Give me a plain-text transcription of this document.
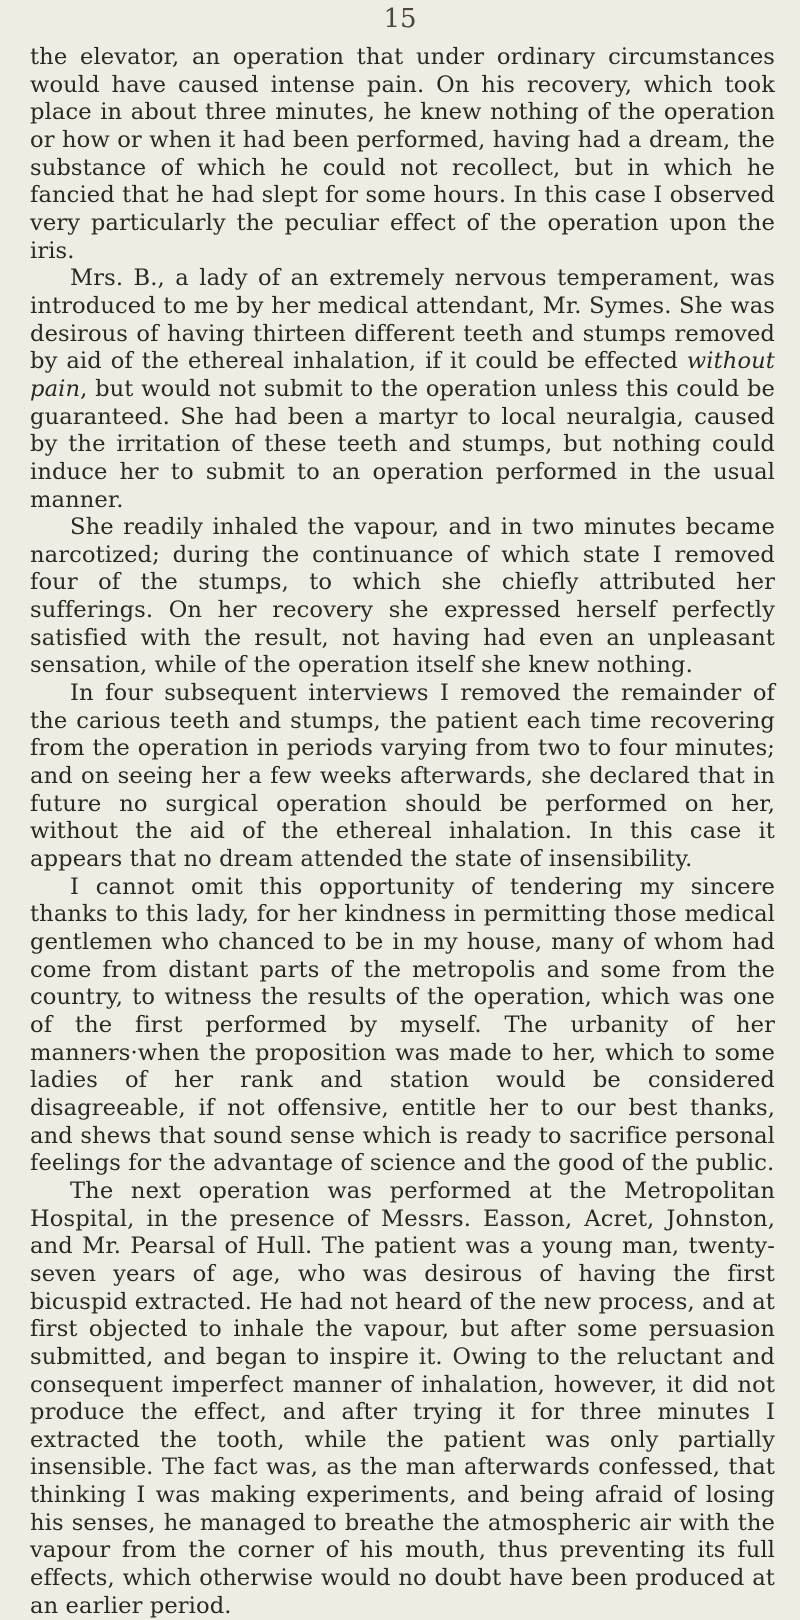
15

the elevator, an operation that under ordinary circumstances would have caused intense pain. On his recovery, which took place in about three minutes, he knew nothing of the operation or how or when it had been performed, having had a dream, the substance of which he could not recollect, but in which he fancied that he had slept for some hours. In this case I observed very particularly the peculiar effect of the operation upon the iris.

Mrs. B., a lady of an extremely nervous temperament, was introduced to me by her medical attendant, Mr. Symes. She was desirous of having thirteen different teeth and stumps removed by aid of the ethereal inhalation, if it could be effected without pain, but would not submit to the operation unless this could be guaranteed. She had been a martyr to local neuralgia, caused by the irritation of these teeth and stumps, but nothing could induce her to submit to an operation performed in the usual manner.

She readily inhaled the vapour, and in two minutes became narcotized; during the continuance of which state I removed four of the stumps, to which she chiefly attributed her sufferings. On her recovery she expressed herself perfectly satisfied with the result, not having had even an unpleasant sensation, while of the operation itself she knew nothing.

In four subsequent interviews I removed the remainder of the carious teeth and stumps, the patient each time recovering from the operation in periods varying from two to four minutes; and on seeing her a few weeks afterwards, she declared that in future no surgical operation should be performed on her, without the aid of the ethereal inhalation. In this case it appears that no dream attended the state of insensibility.

I cannot omit this opportunity of tendering my sincere thanks to this lady, for her kindness in permitting those medical gentlemen who chanced to be in my house, many of whom had come from distant parts of the metropolis and some from the country, to witness the results of the operation, which was one of the first performed by myself. The urbanity of her manners·when the proposition was made to her, which to some ladies of her rank and station would be considered disagreeable, if not offensive, entitle her to our best thanks, and shews that sound sense which is ready to sacrifice personal feelings for the advantage of science and the good of the public.

The next operation was performed at the Metropolitan Hospital, in the presence of Messrs. Easson, Acret, Johnston, and Mr. Pearsal of Hull. The patient was a young man, twenty-seven years of age, who was desirous of having the first bicuspid extracted. He had not heard of the new process, and at first objected to inhale the vapour, but after some persuasion submitted, and began to inspire it. Owing to the reluctant and consequent imperfect manner of inhalation, however, it did not produce the effect, and after trying it for three minutes I extracted the tooth, while the patient was only partially insensible. The fact was, as the man afterwards confessed, that thinking I was making experiments, and being afraid of losing his senses, he managed to breathe the atmospheric air with the vapour from the corner of his mouth, thus preventing its full effects, which otherwise would no doubt have been produced at an earlier period.
